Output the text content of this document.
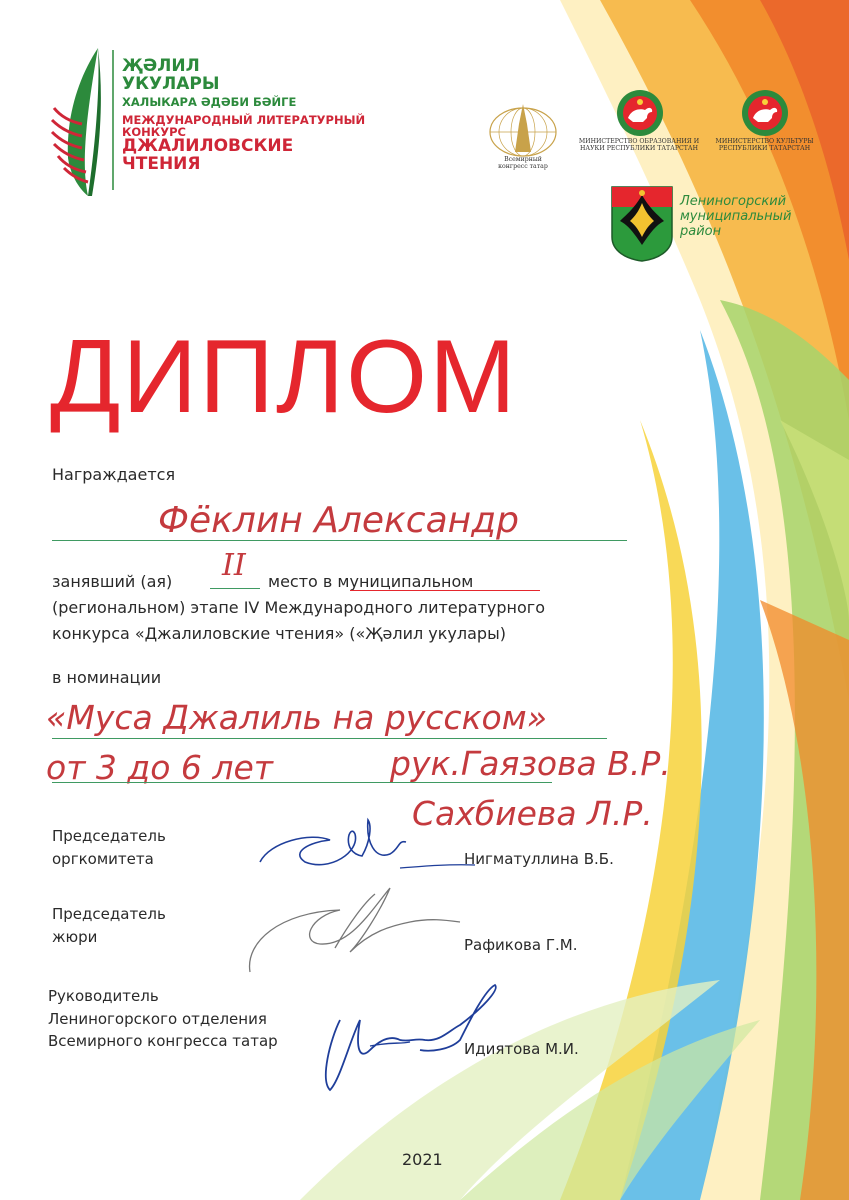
ҖӘЛИЛ
УКУЛАРЫ
ХАЛЫКАРА ӘДӘБИ БӘЙГЕ
МЕЖДУНАРОДНЫЙ ЛИТЕРАТУРНЫЙ КОНКУРС
ДЖАЛИЛОВСКИЕ
ЧТЕНИЯ	Всемирный конгресс татар
МИНИСТЕРСТВО ОБРАЗОВАНИЯ И НАУКИ РЕСПУБЛИКИ ТАТАРСТАН
МИНИСТЕРСТВО КУЛЬТУРЫ РЕСПУБЛИКИ ТАТАРСТАН
Лениногорский
муниципальный
район
ДИПЛОМ
Награждается
Фёклин Александр
занявший (ая) II место в муниципальном
(региональном) этапе IV Международного литературного
конкурса «Джалиловские чтения» («Җәлил укулары)
в номинации
«Муса Джалиль на русском»
от 3 до 6 лет	рук.Гаязова В.Р.
Сахбиева Л.Р.
Председатель
оргкомитета	Нигматуллина В.Б.
Председатель
жюри	Рафикова Г.М.
Руководитель
Лениногорского отделения
Всемирного конгресса татар	Идиятова М.И.
2021
